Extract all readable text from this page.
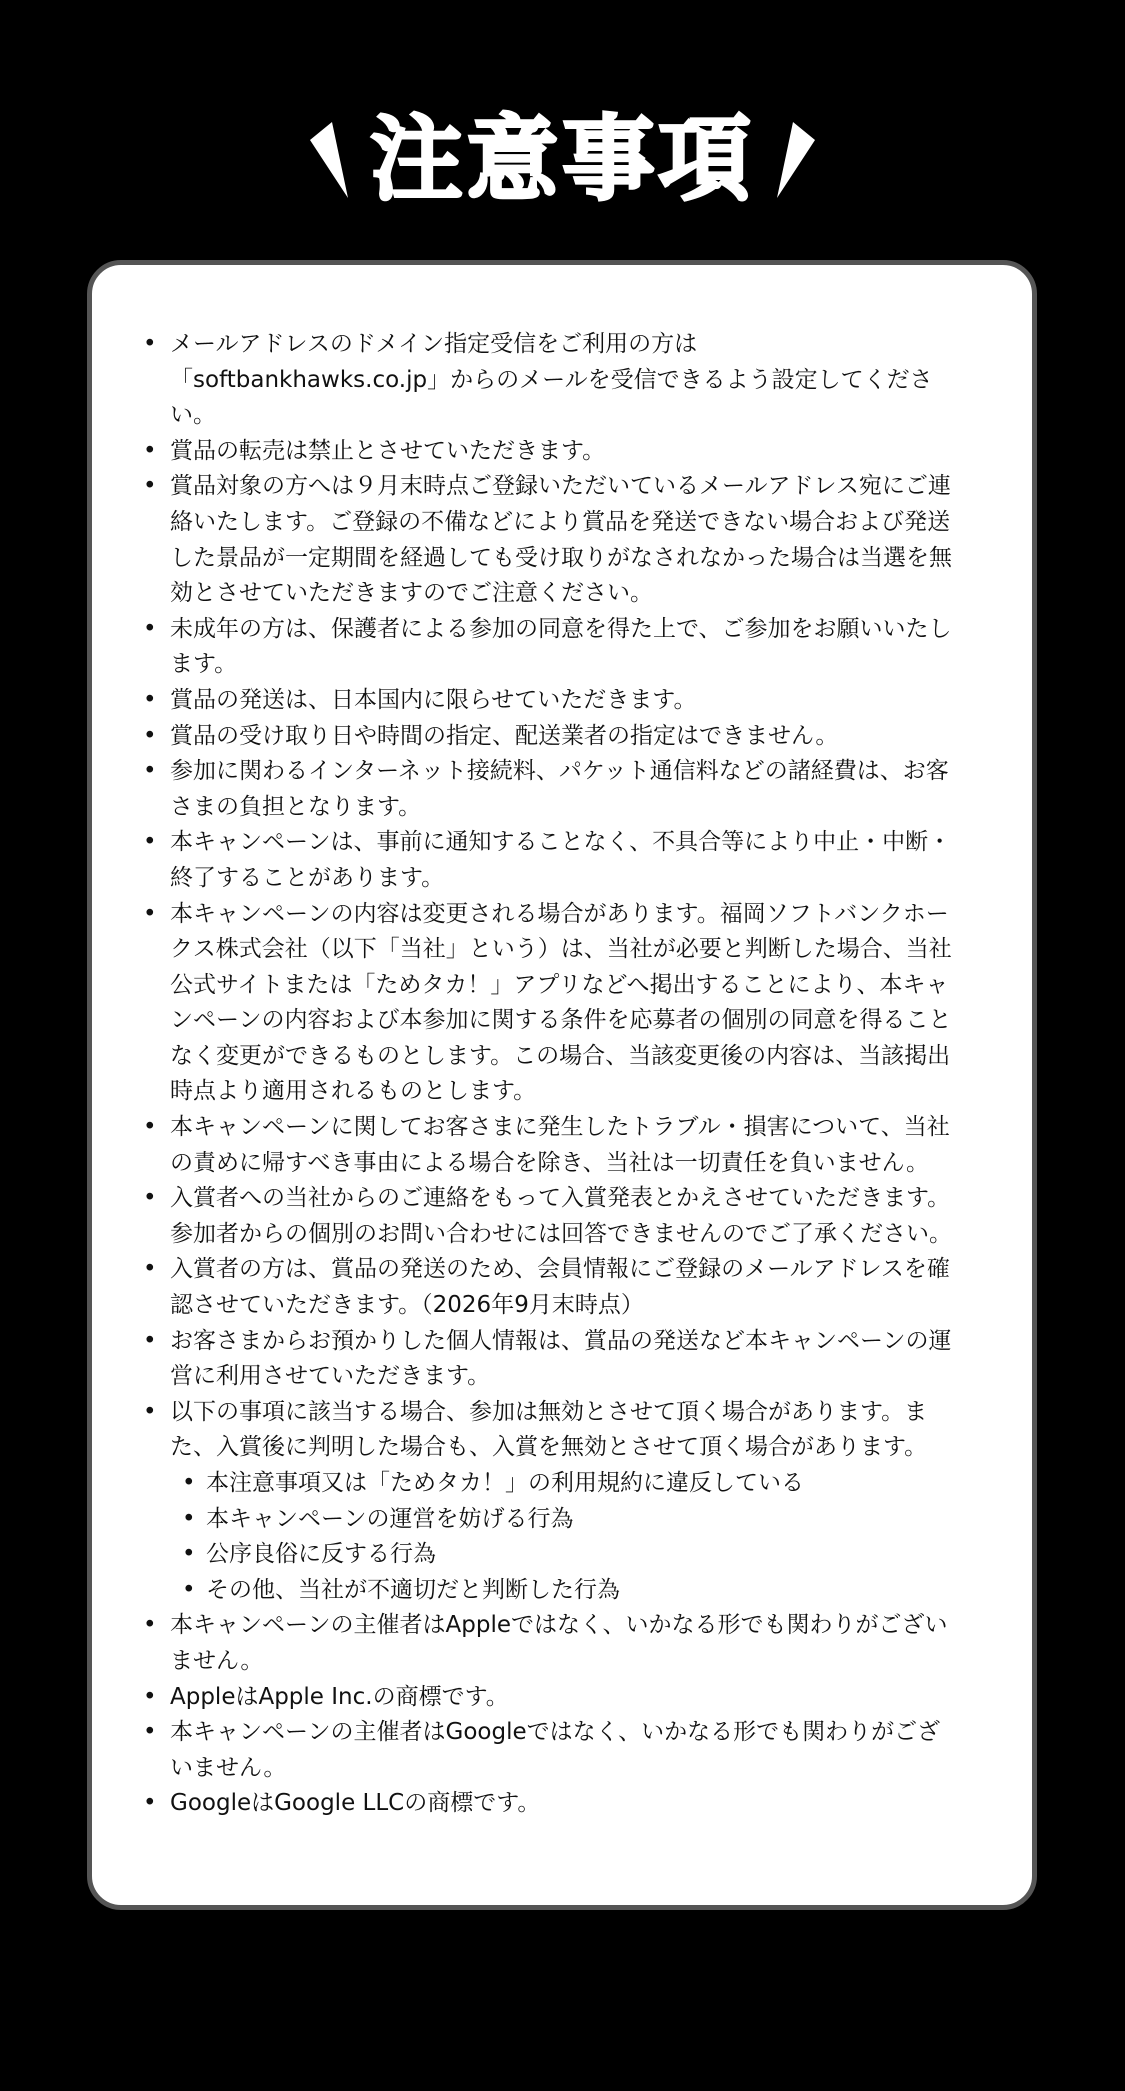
注意事項
• メールアドレスのドメイン指定受信をご利用の方は「softbankhawks.co.jp」からのメールを受信できるよう設定してください。
• 賞品の転売は禁止とさせていただきます。
• 賞品対象の方へは９月末時点ご登録いただいているメールアドレス宛にご連絡いたします。ご登録の不備などにより賞品を発送できない場合および発送した景品が一定期間を経過しても受け取りがなされなかった場合は当選を無効とさせていただきますのでご注意ください。
• 未成年の方は、保護者による参加の同意を得た上で、ご参加をお願いいたします。
• 賞品の発送は、日本国内に限らせていただきます。
• 賞品の受け取り日や時間の指定、配送業者の指定はできません。
• 参加に関わるインターネット接続料、パケット通信料などの諸経費は、お客さまの負担となります。
• 本キャンペーンは、事前に通知することなく、不具合等により中止・中断・終了することがあります。
• 本キャンペーンの内容は変更される場合があります。福岡ソフトバンクホークス株式会社（以下「当社」という）は、当社が必要と判断した場合、当社公式サイトまたは「ためタカ！」アプリなどへ掲出することにより、本キャンペーンの内容および本参加に関する条件を応募者の個別の同意を得ることなく変更ができるものとします。この場合、当該変更後の内容は、当該掲出時点より適用されるものとします。
• 本キャンペーンに関してお客さまに発生したトラブル・損害について、当社の責めに帰すべき事由による場合を除き、当社は一切責任を負いません。
• 入賞者への当社からのご連絡をもって入賞発表とかえさせていただきます。参加者からの個別のお問い合わせには回答できませんのでご了承ください。
• 入賞者の方は、賞品の発送のため、会員情報にご登録のメールアドレスを確認させていただきます。（2026年9月末時点）
• お客さまからお預かりした個人情報は、賞品の発送など本キャンペーンの運営に利用させていただきます。
• 以下の事項に該当する場合、参加は無効とさせて頂く場合があります。また、入賞後に判明した場合も、入賞を無効とさせて頂く場合があります。
• 本注意事項又は「ためタカ！」の利用規約に違反している
• 本キャンペーンの運営を妨げる行為
• 公序良俗に反する行為
• その他、当社が不適切だと判断した行為
• 本キャンペーンの主催者はAppleではなく、いかなる形でも関わりがございません。
• AppleはApple Inc.の商標です。
• 本キャンペーンの主催者はGoogleではなく、いかなる形でも関わりがございません。
• GoogleはGoogle LLCの商標です。
